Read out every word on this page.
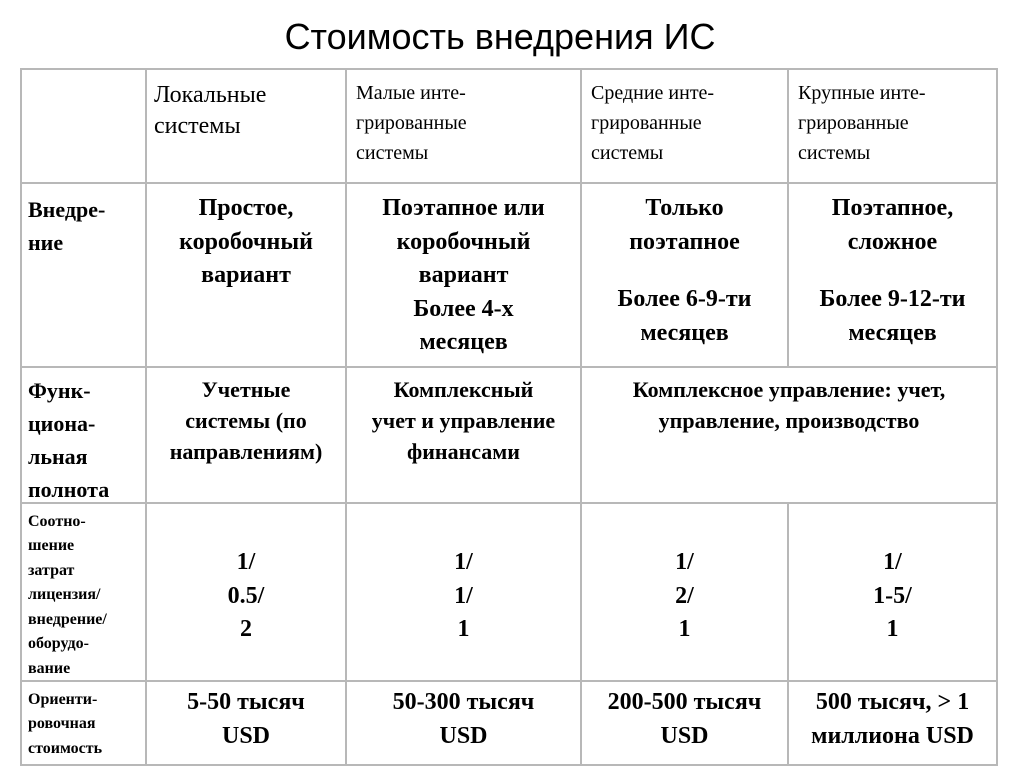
Стоимость внедрения ИС
Локальные
системы
Малые инте-
грированные
системы
Средние инте-
грированные
системы
Крупные инте-
грированные
системы
Внедре-
ние
Простое,
коробочный
вариант
Поэтапное или
коробочный
вариант
Более 4-х
месяцев
Только
поэтапное
Более 6-9-ти
месяцев
Поэтапное,
сложное
Более 9-12-ти
месяцев
Функ-
циона-
льная
полнота
Учетные
системы (по
направлениям)
Комплексный
учет и управление
финансами
Комплексное управление: учет,
управление, производство
Соотно-
шение
затрат
лицензия/
внедрение/
оборудо-
вание
1/
0.5/
2
1/
1/
1
1/
2/
1
1/
1-5/
1
Ориенти-
ровочная
стоимость
5-50 тысяч
USD
50-300 тысяч
USD
200-500 тысяч
USD
500 тысяч, > 1
миллиона USD
